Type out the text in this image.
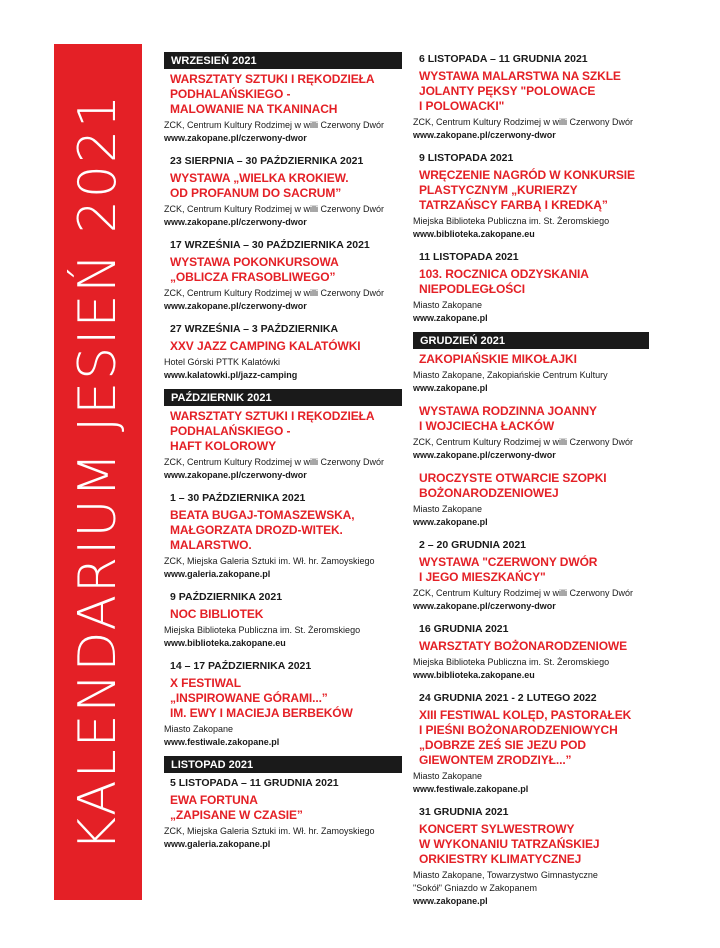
KALENDARIUM JESIEŃ 2021
WRZESIEŃ 2021
WARSZTATY SZTUKI I RĘKODZIEŁA
PODHALAŃSKIEGO -
MALOWANIE NA TKANINACH
ZCK, Centrum Kultury Rodzimej w willi Czerwony Dwór
www.zakopane.pl/czerwony-dwor
23 SIERPNIA – 30 PAŹDZIERNIKA 2021
WYSTAWA „WIELKA KROKIEW.
OD PROFANUM DO SACRUM”
ZCK, Centrum Kultury Rodzimej w willi Czerwony Dwór
www.zakopane.pl/czerwony-dwor
17 WRZEŚNIA – 30 PAŹDZIERNIKA 2021
WYSTAWA POKONKURSOWA
„OBLICZA FRASOBLIWEGO”
ZCK, Centrum Kultury Rodzimej w willi Czerwony Dwór
www.zakopane.pl/czerwony-dwor
27 WRZEŚNIA – 3 PAŹDZIERNIKA
XXV JAZZ CAMPING KALATÓWKI
Hotel Górski PTTK Kalatówki
www.kalatowki.pl/jazz-camping
PAŹDZIERNIK 2021
WARSZTATY SZTUKI I RĘKODZIEŁA
PODHALAŃSKIEGO -
HAFT KOLOROWY
ZCK, Centrum Kultury Rodzimej w willi Czerwony Dwór
www.zakopane.pl/czerwony-dwor
1 – 30 PAŹDZIERNIKA 2021
BEATA BUGAJ-TOMASZEWSKA,
MAŁGORZATA DROZD-WITEK.
MALARSTWO.
ZCK, Miejska Galeria Sztuki im. Wł. hr. Zamoyskiego
www.galeria.zakopane.pl
9 PAŹDZIERNIKA 2021
NOC BIBLIOTEK
Miejska Biblioteka Publiczna im. St. Żeromskiego
www.biblioteka.zakopane.eu
14 – 17 PAŹDZIERNIKA 2021
X FESTIWAL
„INSPIROWANE GÓRAMI...”
IM. EWY I MACIEJA BERBEKÓW
Miasto Zakopane
www.festiwale.zakopane.pl
LISTOPAD 2021
5 LISTOPADA – 11 GRUDNIA 2021
EWA FORTUNA
„ZAPISANE W CZASIE”
ZCK, Miejska Galeria Sztuki im. Wł. hr. Zamoyskiego
www.galeria.zakopane.pl
6 LISTOPADA – 11 GRUDNIA 2021
WYSTAWA MALARSTWA NA SZKLE
JOLANTY PĘKSY "POLOWACE
I POLOWACKI"
ZCK, Centrum Kultury Rodzimej w willi Czerwony Dwór
www.zakopane.pl/czerwony-dwor
9 LISTOPADA 2021
WRĘCZENIE NAGRÓD W KONKURSIE
PLASTYCZNYM „KURIERZY
TATRZAŃSCY FARBĄ I KREDKĄ”
Miejska Biblioteka Publiczna im. St. Żeromskiego
www.biblioteka.zakopane.eu
11 LISTOPADA 2021
103. ROCZNICA ODZYSKANIA
NIEPODLEGŁOŚCI
Miasto Zakopane
www.zakopane.pl
GRUDZIEŃ 2021
ZAKOPIAŃSKIE MIKOŁAJKI
Miasto Zakopane, Zakopiańskie Centrum Kultury
www.zakopane.pl
WYSTAWA RODZINNA JOANNY
I WOJCIECHA ŁACKÓW
ZCK, Centrum Kultury Rodzimej w willi Czerwony Dwór
www.zakopane.pl/czerwony-dwor
UROCZYSTE OTWARCIE SZOPKI
BOŻONARODZENIOWEJ
Miasto Zakopane
www.zakopane.pl
2 – 20 GRUDNIA 2021
WYSTAWA "CZERWONY DWÓR
I JEGO MIESZKAŃCY"
ZCK, Centrum Kultury Rodzimej w willi Czerwony Dwór
www.zakopane.pl/czerwony-dwor
16 GRUDNIA 2021
WARSZTATY BOŻONARODZENIOWE
Miejska Biblioteka Publiczna im. St. Żeromskiego
www.biblioteka.zakopane.eu
24 GRUDNIA 2021 - 2 LUTEGO 2022
XIII FESTIWAL KOLĘD, PASTORAŁEK
I PIEŚNI BOŻONARODZENIOWYCH
„DOBRZE ZEŚ SIE JEZU POD
GIEWONTEM ZRODZIYŁ...”
Miasto Zakopane
www.festiwale.zakopane.pl
31 GRUDNIA 2021
KONCERT SYLWESTROWY
W WYKONANIU TATRZAŃSKIEJ
ORKIESTRY KLIMATYCZNEJ
Miasto Zakopane, Towarzystwo Gimnastyczne
"Sokół" Gniazdo w Zakopanem
www.zakopane.pl
